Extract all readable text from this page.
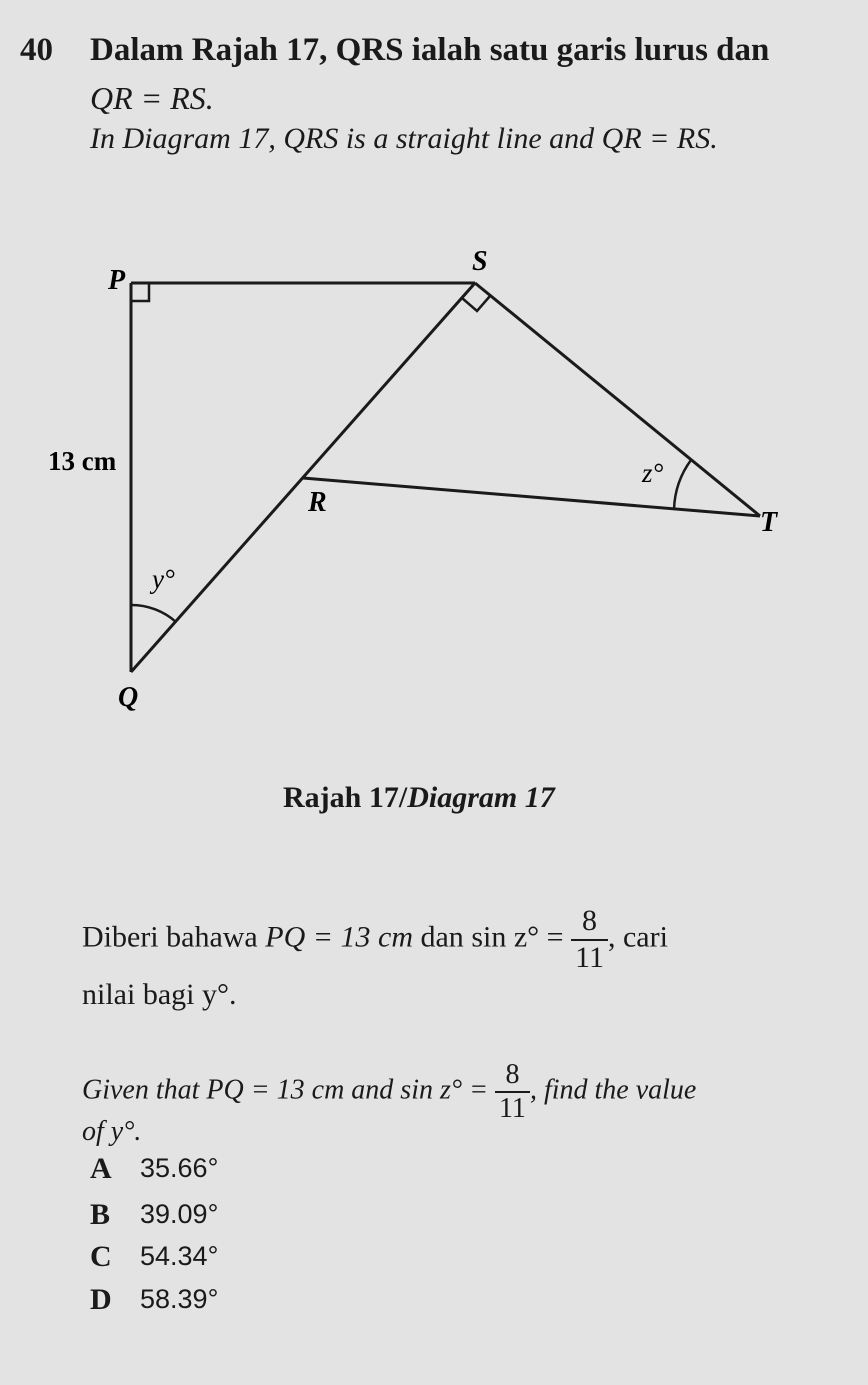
40 Dalam Rajah 17, QRS ialah satu garis lurus dan
QR = RS.
In Diagram 17, QRS is a straight line and QR = RS.
P
S
R
T
Q
13 cm
y°
z°
Rajah 17/Diagram 17
Diberi bahawa PQ = 13 cm dan $\sin z^\circ = \frac{8}{11}$ , cari
nilai bagi y°.
Given that PQ = 13 cm and $\sin z^\circ = \frac{8}{11}$ , find the value
of y°.
A 35.66°
B 39.09°
C 54.34°
D 58.39°
